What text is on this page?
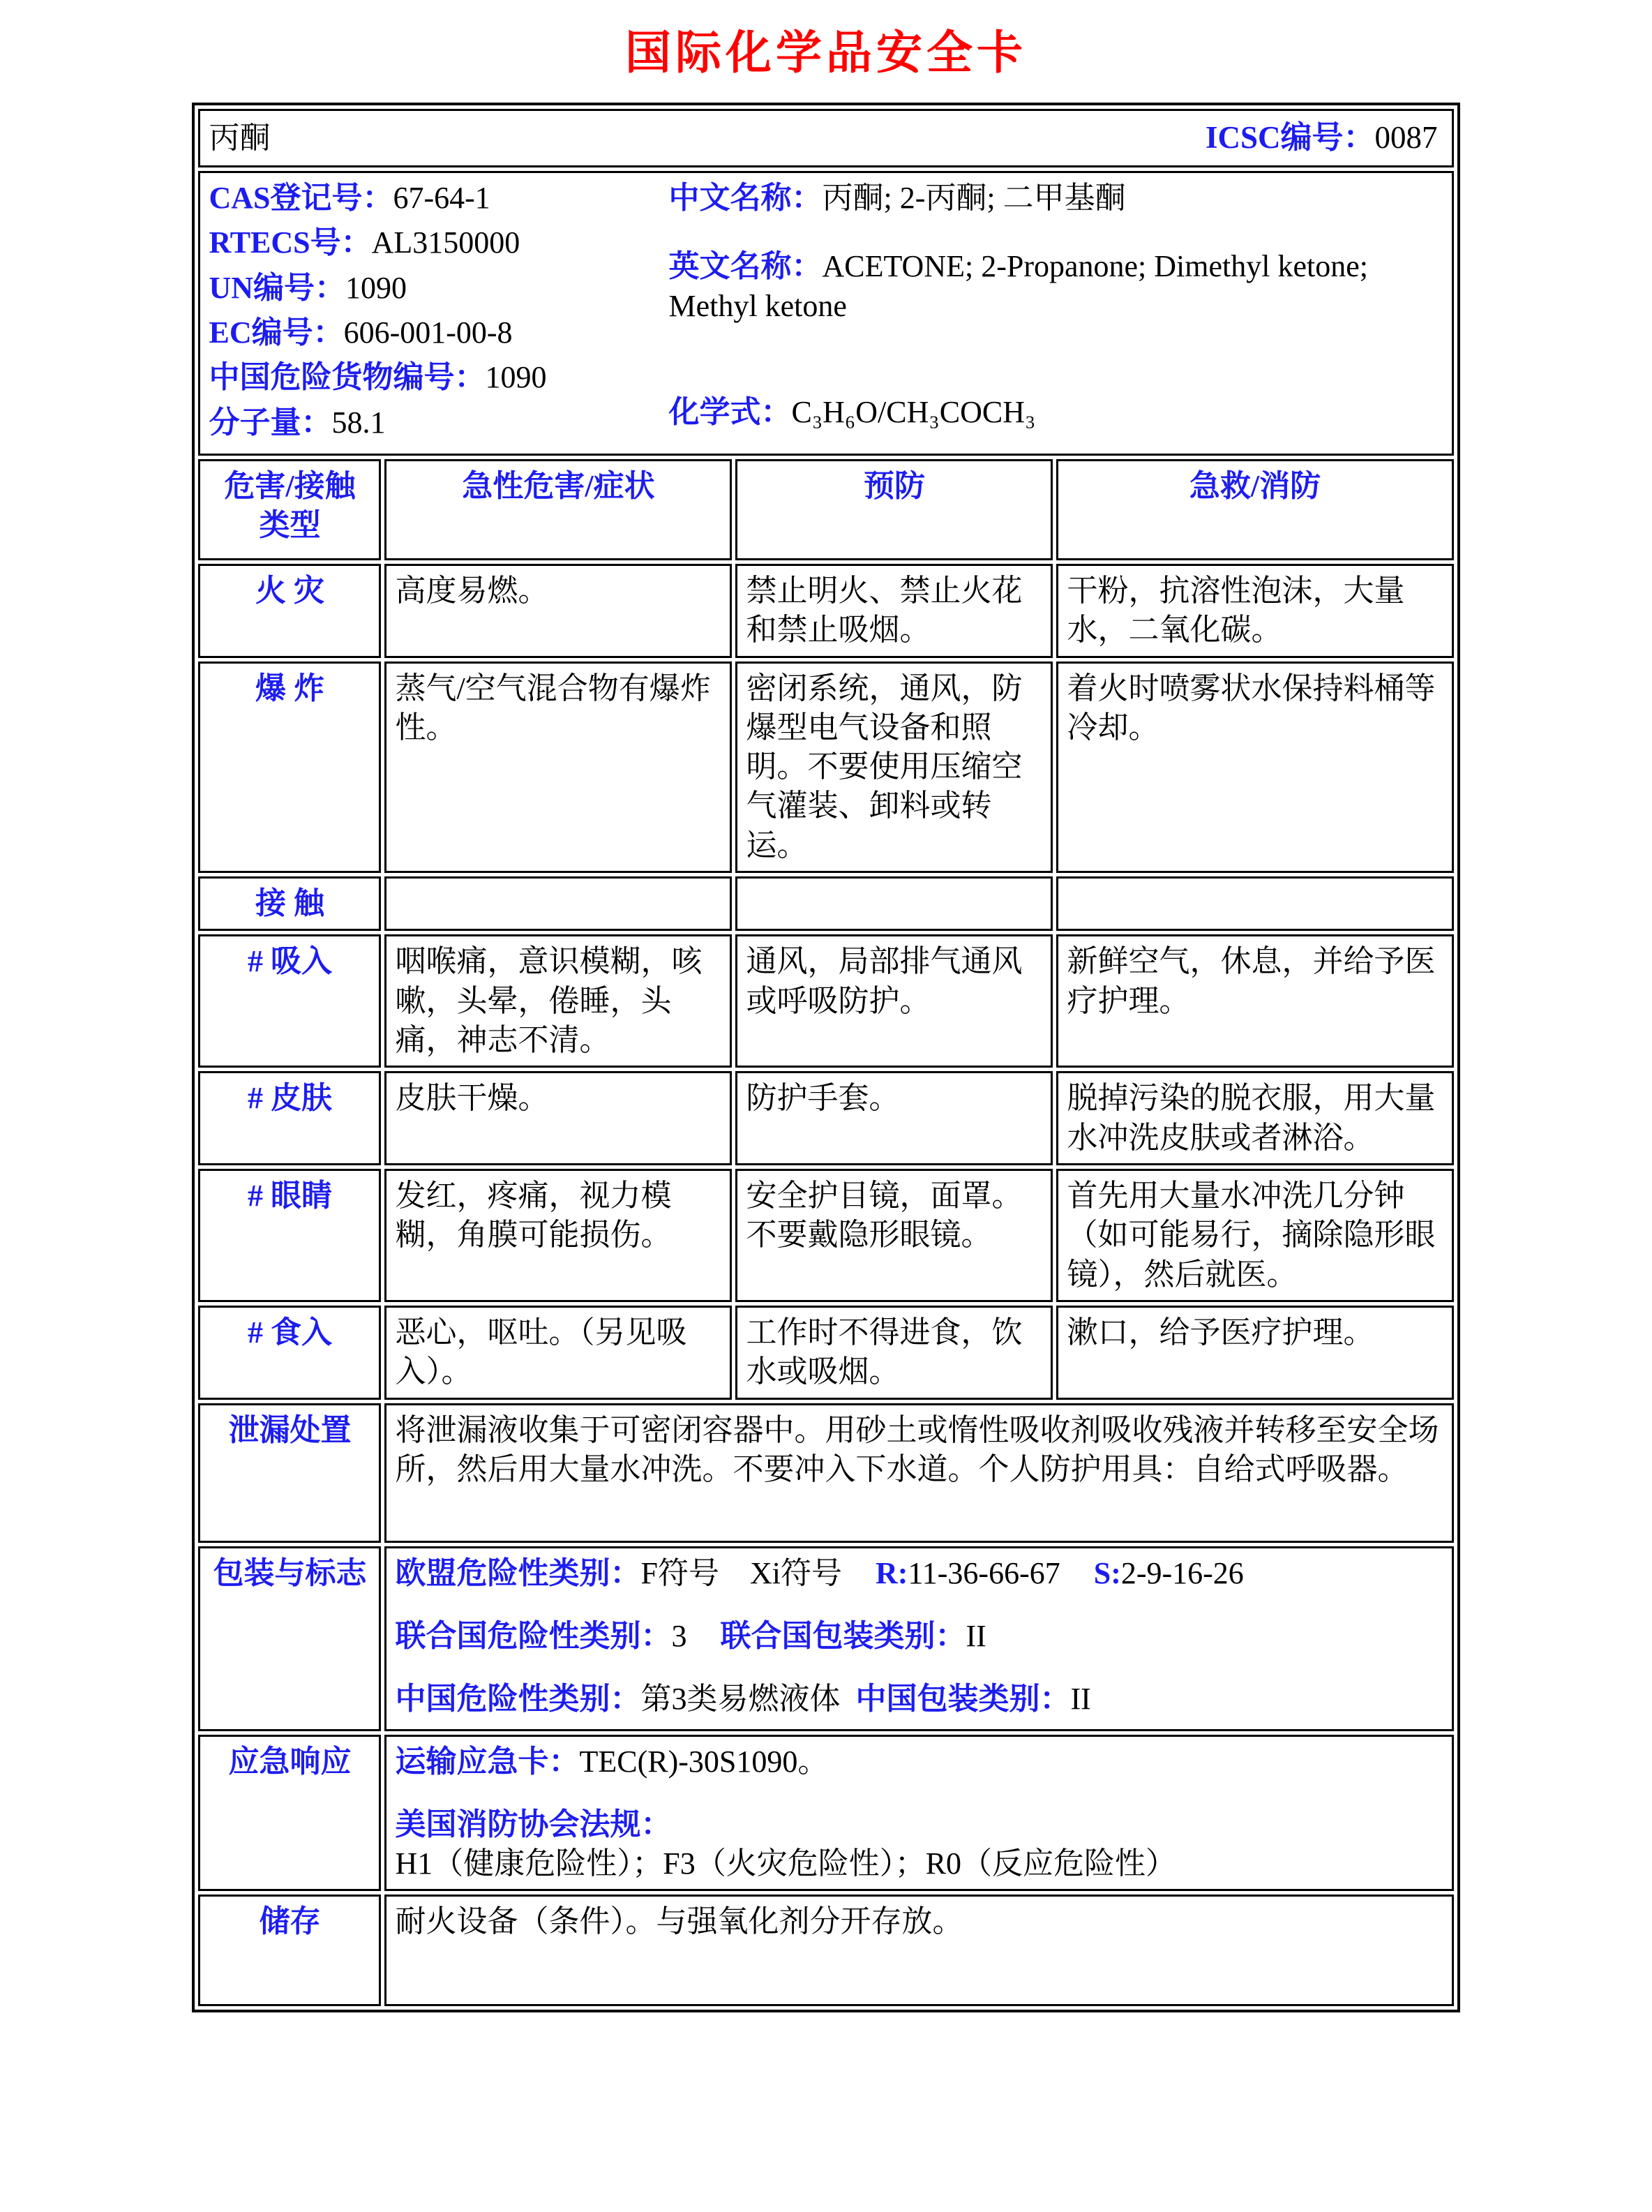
国际化学品安全卡
丙酮 ICSC编号：0087			

CAS登记号：67-64-1

RTECS号：AL3150000

UN编号：1090

EC编号：606-001-00-8

中国危险货物编号：1090

分子量：58.1

中文名称：丙酮; 2-丙酮; 二甲基酮

英文名称：ACETONE; 2-Propanone; Dimethyl ketone; Methyl ketone

化学式：C₃H₆O/CH₃COCH₃

危害/接触类型	急性危害/症状	预防	急救/消防
火 灾	高度易燃。	禁止明火、禁止火花和禁止吸烟。	干粉，抗溶性泡沫，大量水，二氧化碳。
爆 炸	蒸气/空气混合物有爆炸性。	密闭系统，通风，防爆型电气设备和照明。不要使用压缩空气灌装、卸料或转运。	着火时喷雾状水保持料桶等冷却。
接 触			
# 吸入	咽喉痛，意识模糊，咳嗽，头晕，倦睡，头痛，神志不清。	通风，局部排气通风或呼吸防护。	新鲜空气，休息，并给予医疗护理。
# 皮肤	皮肤干燥。	防护手套。	脱掉污染的脱衣服，用大量水冲洗皮肤或者淋浴。
# 眼睛	发红，疼痛，视力模糊，角膜可能损伤。	安全护目镜，面罩。不要戴隐形眼镜。	首先用大量水冲洗几分钟（如可能易行，摘除隐形眼镜），然后就医。
# 食入	恶心，呕吐。（另见吸入）。	工作时不得进食，饮水或吸烟。	漱口，给予医疗护理。
泄漏处置	将泄漏液收集于可密闭容器中。用砂土或惰性吸收剂吸收残液并转移至安全场所，然后用大量水冲洗。不要冲入下水道。个人防护用具：自给式呼吸器。		
包装与标志	欧盟危险性类别：F符号　Xi符号 R:11-36-66-67 S:2-9-16-26

联合国危险性类别：3 联合国包装类别：II

中国危险性类别：第3类易燃液体 中国包装类别：II		

应急响应	运输应急卡：TEC(R)-30S1090。

美国消防协会法规：H1（健康危险性）；F3（火灾危险性）；R0（反应危险性）		

储存	耐火设备（条件）。与强氧化剂分开存放。		
